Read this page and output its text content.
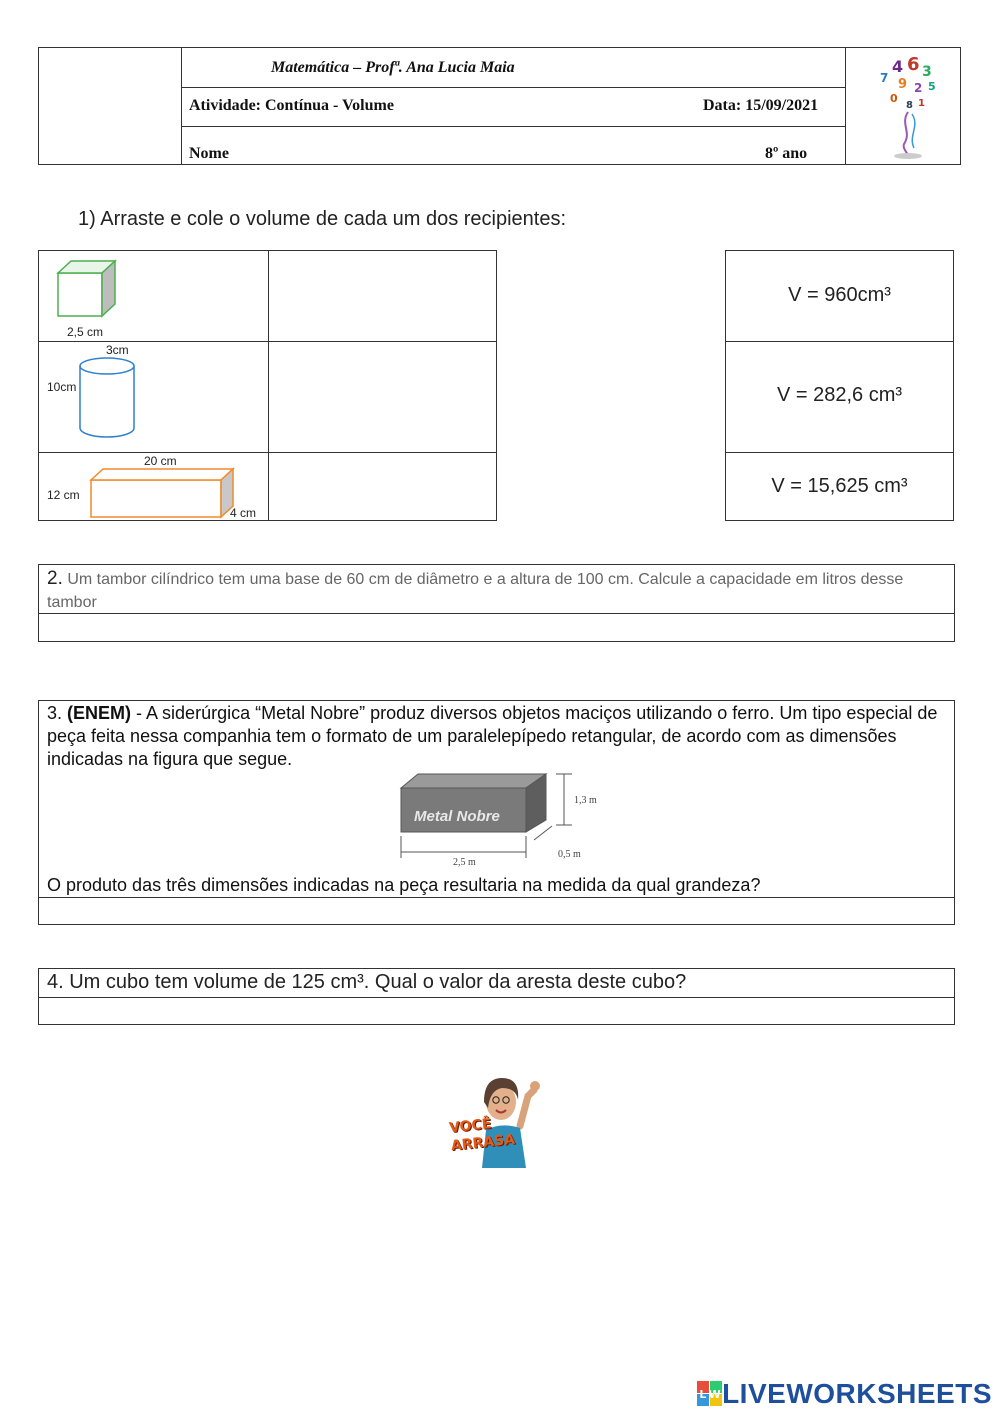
Matemática – Profª. Ana Lucia Maia
Atividade: Contínua - Volume	Data: 15/09/2021
Nome	8º ano
4 6 3
7 9 2 5
0
8 1
1) Arraste e cole o volume de cada um dos recipientes:
2,5 cm
3cm
10cm
20 cm
12 cm
4 cm
V = 960cm³
V = 282,6 cm³
V = 15,625 cm³
2. Um tambor cilíndrico tem uma base de 60 cm de diâmetro e a altura de 100 cm. Calcule a capacidade em litros desse tambor
3. (ENEM) - A siderúrgica “Metal Nobre” produz diversos objetos maciços utilizando o ferro. Um tipo especial de peça feita nessa companhia tem o formato de um paralelepípedo retangular, de acordo com as dimensões indicadas na figura que segue.
Metal Nobre
1,3 m
2,5 m
0,5 m
O produto das três dimensões indicadas na peça resultaria na medida da qual grandeza?
4. Um cubo tem volume de 125 cm³. Qual o valor da aresta deste cubo?
VOCÊ
ARRASA
L W LIVEWORKSHEETS
